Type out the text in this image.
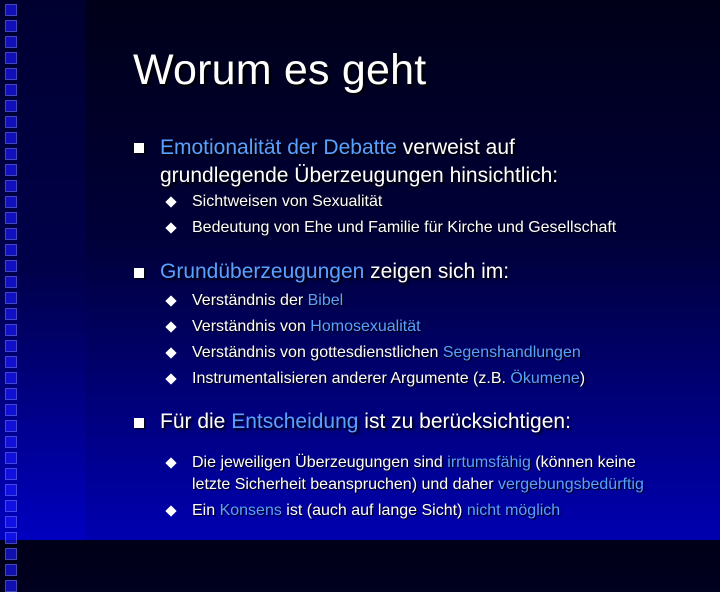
Worum es geht
Emotionalität der Debatte verweist auf
grundlegende Überzeugungen hinsichtlich:
Sichtweisen von Sexualität
Bedeutung von Ehe und Familie für Kirche und Gesellschaft
Grundüberzeugungen zeigen sich im:
Verständnis der Bibel
Verständnis von Homosexualität
Verständnis von gottesdienstlichen Segenshandlungen
Instrumentalisieren anderer Argumente (z.B. Ökumene)
Für die Entscheidung ist zu berücksichtigen:
Die jeweiligen Überzeugungen sind irrtumsfähig (können keine
letzte Sicherheit beanspruchen) und daher vergebungsbedürftig
Ein Konsens ist (auch auf lange Sicht) nicht möglich
